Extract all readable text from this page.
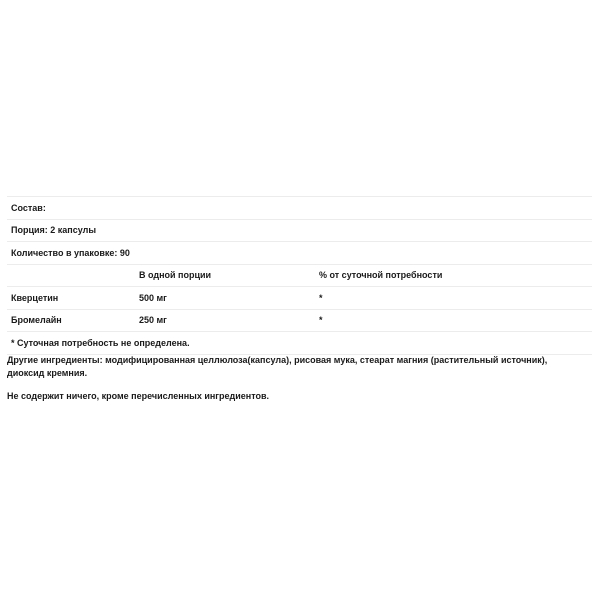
Состав:		
Порция: 2 капсулы		
Количество в упаковке: 90		
	В одной порции	% от суточной потребности
Кверцетин	500 мг	*
Бромелайн	250 мг	*
* Суточная потребность не определена.		

Другие ингредиенты: модифицированная целлюлоза(капсула), рисовая мука, стеарат магния (растительный источник), диоксид кремния.

Не содержит ничего, кроме перечисленных ингредиентов.
